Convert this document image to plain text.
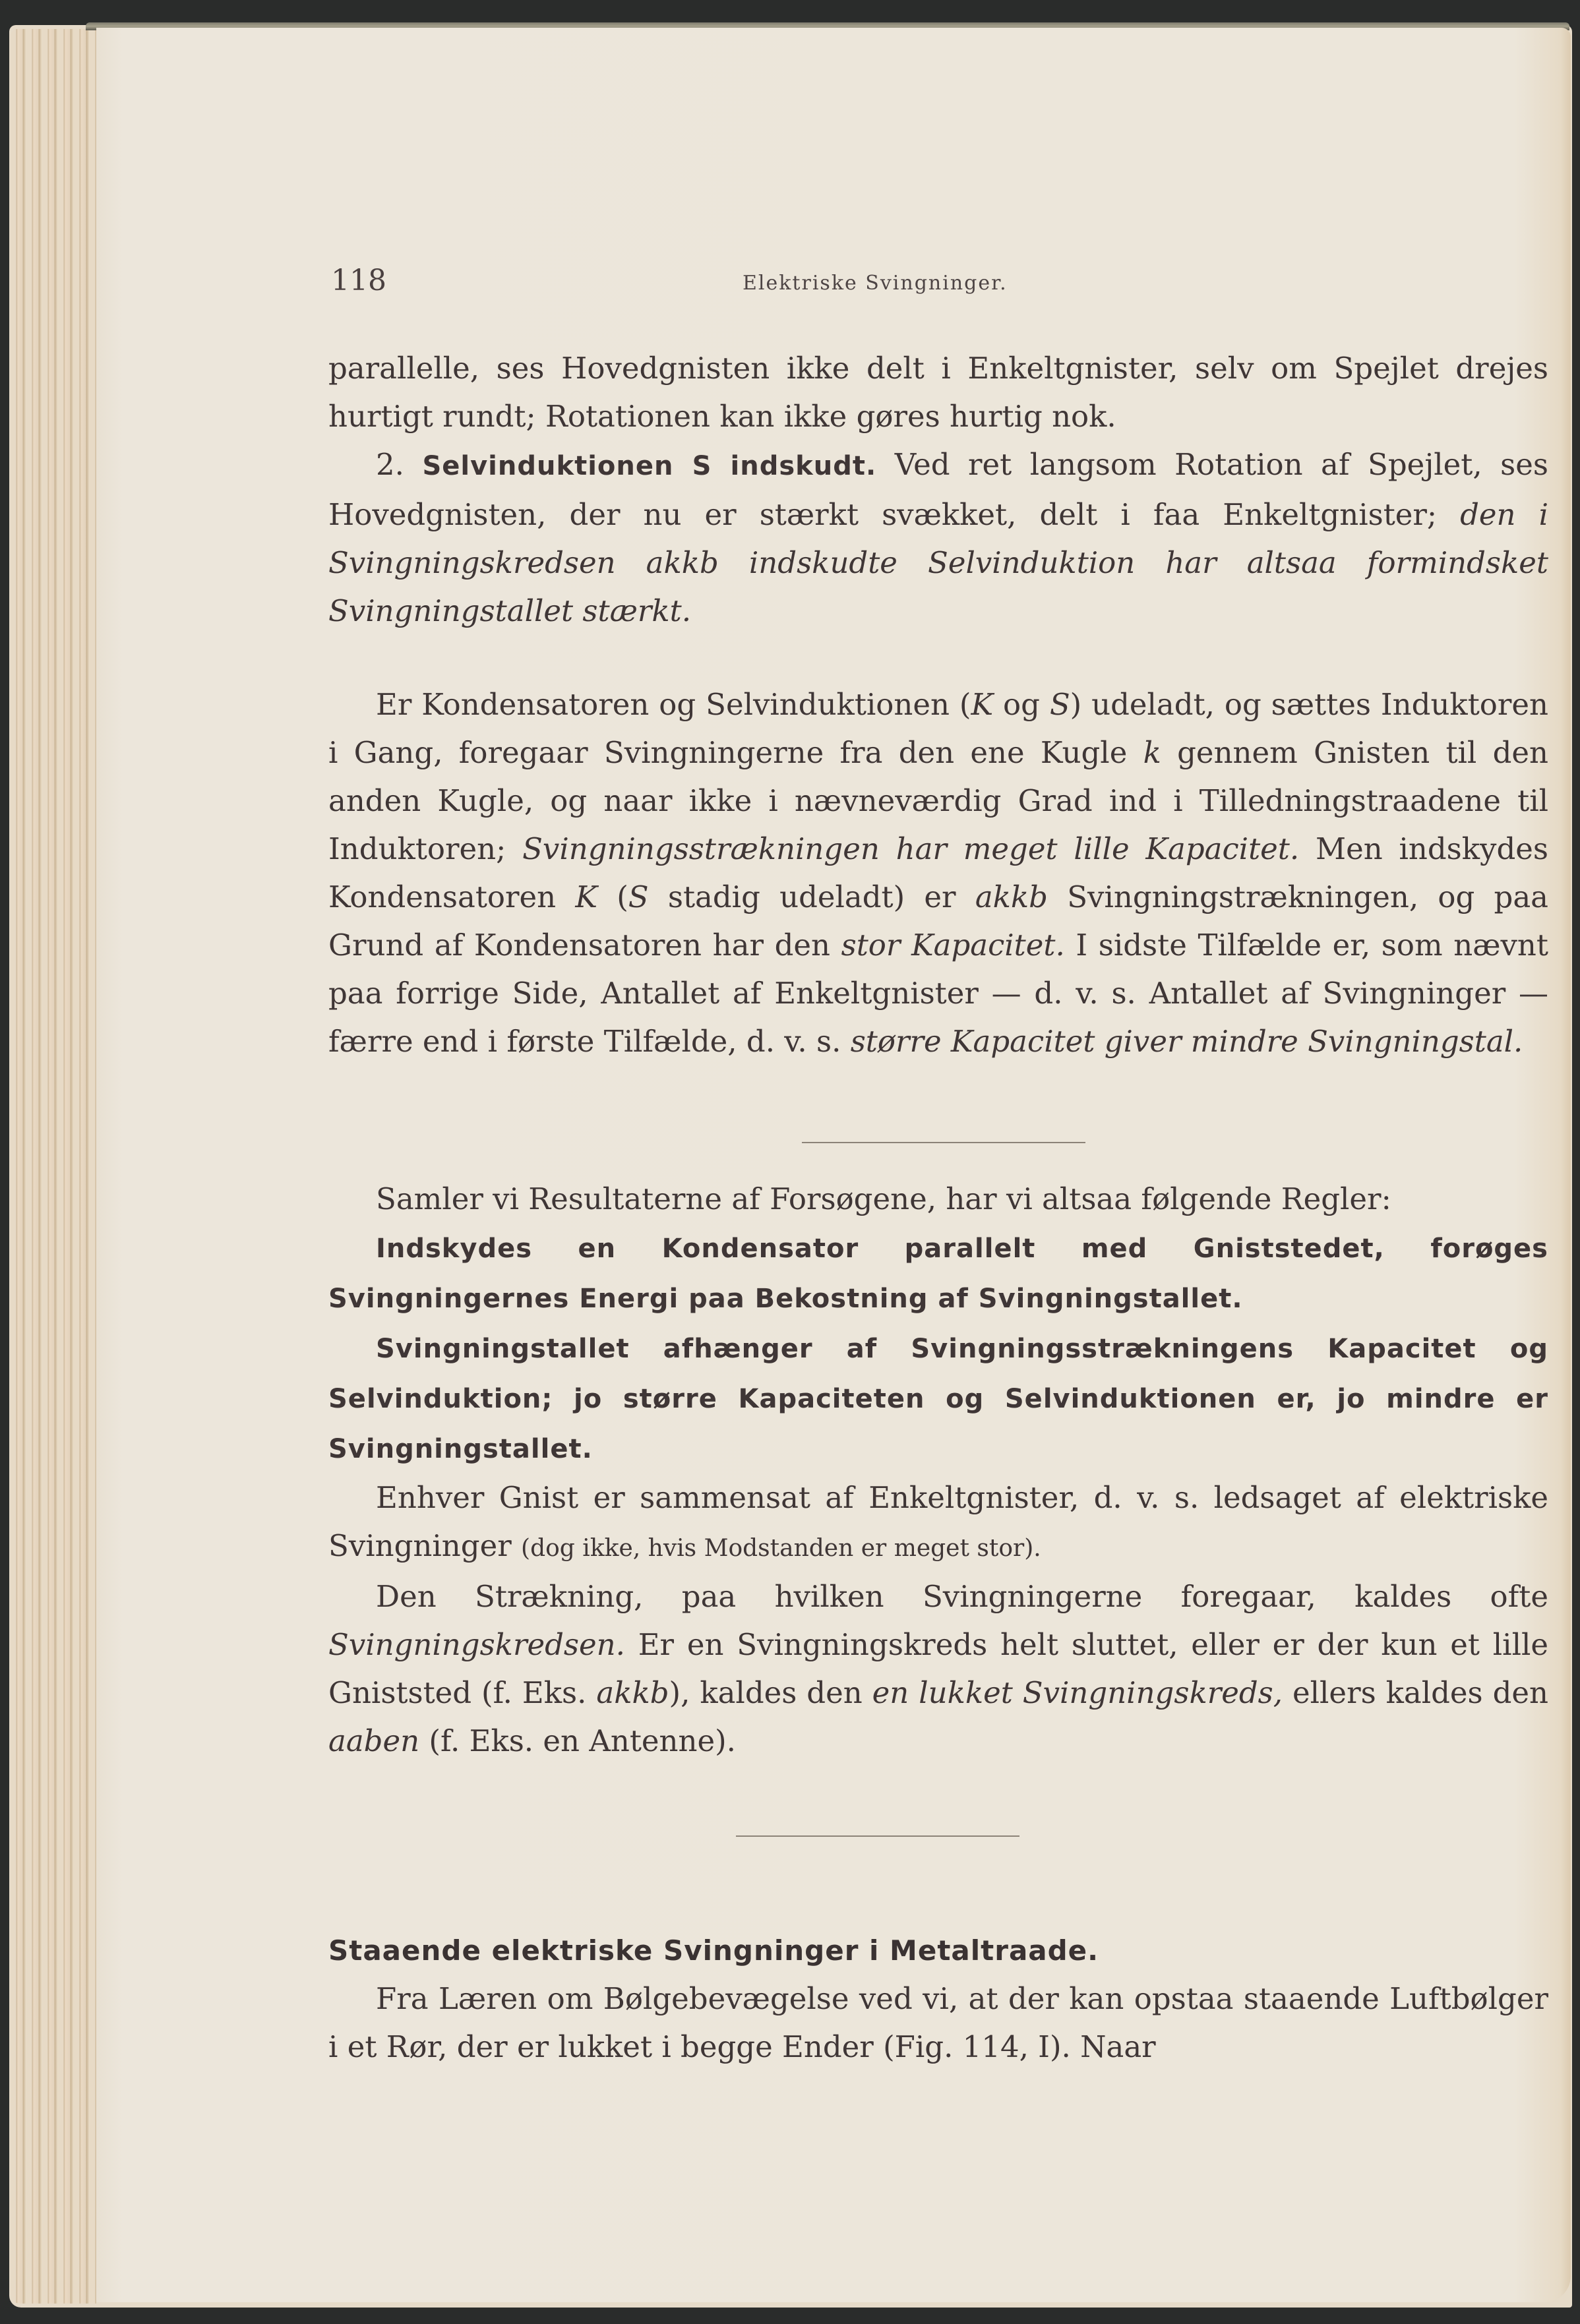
118	Elektriske Svingninger.

parallelle, ses Hovedgnisten ikke delt i Enkeltgnister, selv om Spejlet drejes hurtigt rundt; Rotationen kan ikke gøres hurtig nok.

2. Selvinduktionen S indskudt. Ved ret langsom Rotation af Spejlet, ses Hovedgnisten, der nu er stærkt svækket, delt i faa Enkeltgnister; den i Svingningskredsen akkb indskudte Selvinduktion har altsaa formindsket Svingningstallet stærkt.

Er Kondensatoren og Selvinduktionen (K og S) udeladt, og sættes Induktoren i Gang, foregaar Svingningerne fra den ene Kugle k gennem Gnisten til den anden Kugle, og naar ikke i nævneværdig Grad ind i Tilledningstraadene til Induktoren; Svingningsstrækningen har meget lille Kapacitet. Men indskydes Kondensatoren K (S stadig udeladt) er akkb Svingningstrækningen, og paa Grund af Kondensatoren har den stor Kapacitet. I sidste Tilfælde er, som nævnt paa forrige Side, Antallet af Enkeltgnister — d. v. s. Antallet af Svingninger — færre end i første Tilfælde, d. v. s. større Kapacitet giver mindre Svingningstal.

Samler vi Resultaterne af Forsøgene, har vi altsaa følgende Regler:

Indskydes en Kondensator parallelt med Gniststedet, forøges Svingningernes Energi paa Bekostning af Svingningstallet.

Svingningstallet afhænger af Svingningsstrækningens Kapacitet og Selvinduktion; jo større Kapaciteten og Selvinduktionen er, jo mindre er Svingningstallet.

Enhver Gnist er sammensat af Enkeltgnister, d. v. s. ledsaget af elektriske Svingninger (dog ikke, hvis Modstanden er meget stor).

Den Strækning, paa hvilken Svingningerne foregaar, kaldes ofte Svingningskredsen. Er en Svingningskreds helt sluttet, eller er der kun et lille Gniststed (f. Eks. akkb), kaldes den en lukket Svingningskreds, ellers kaldes den aaben (f. Eks. en Antenne).

Staaende elektriske Svingninger i Metaltraade.

Fra Læren om Bølgebevægelse ved vi, at der kan opstaa staaende Luftbølger i et Rør, der er lukket i begge Ender (Fig. 114, I). Naar
